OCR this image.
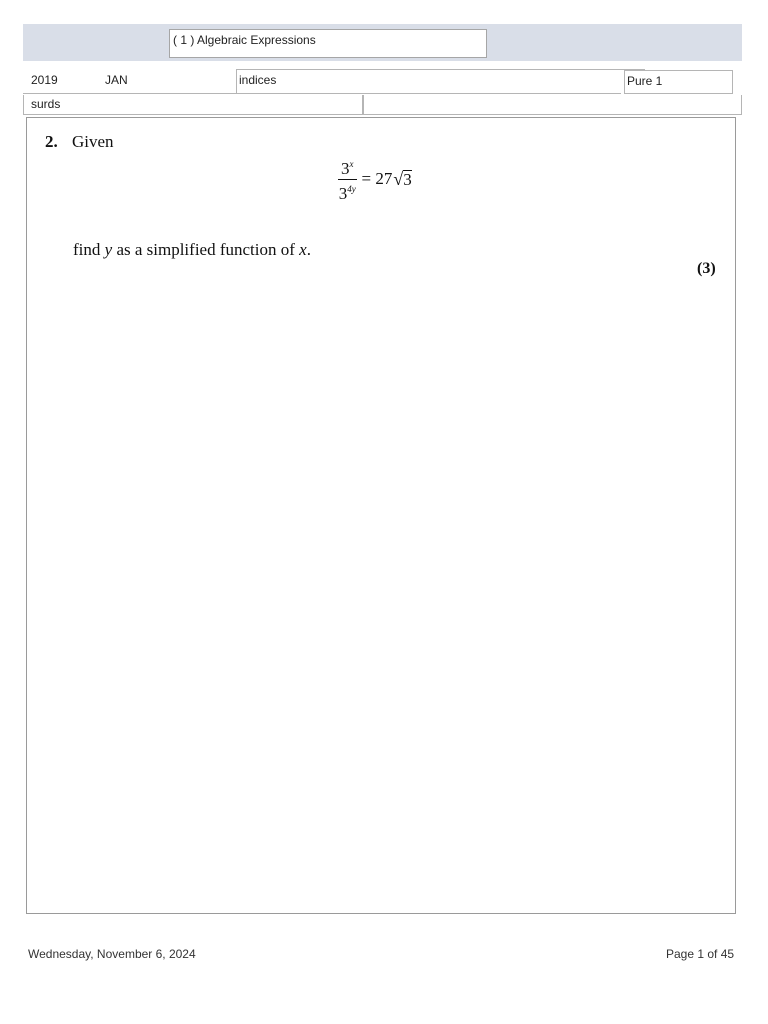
( 1 ) Algebraic Expressions
2019	JAN	indices	Pure 1
surds
2. Given
$\frac{3^x}{3^{4y}}$ =
27 √ 3
find y as a simplified function of x.
(3)
Wednesday, November 6, 2024	Page 1 of 45
